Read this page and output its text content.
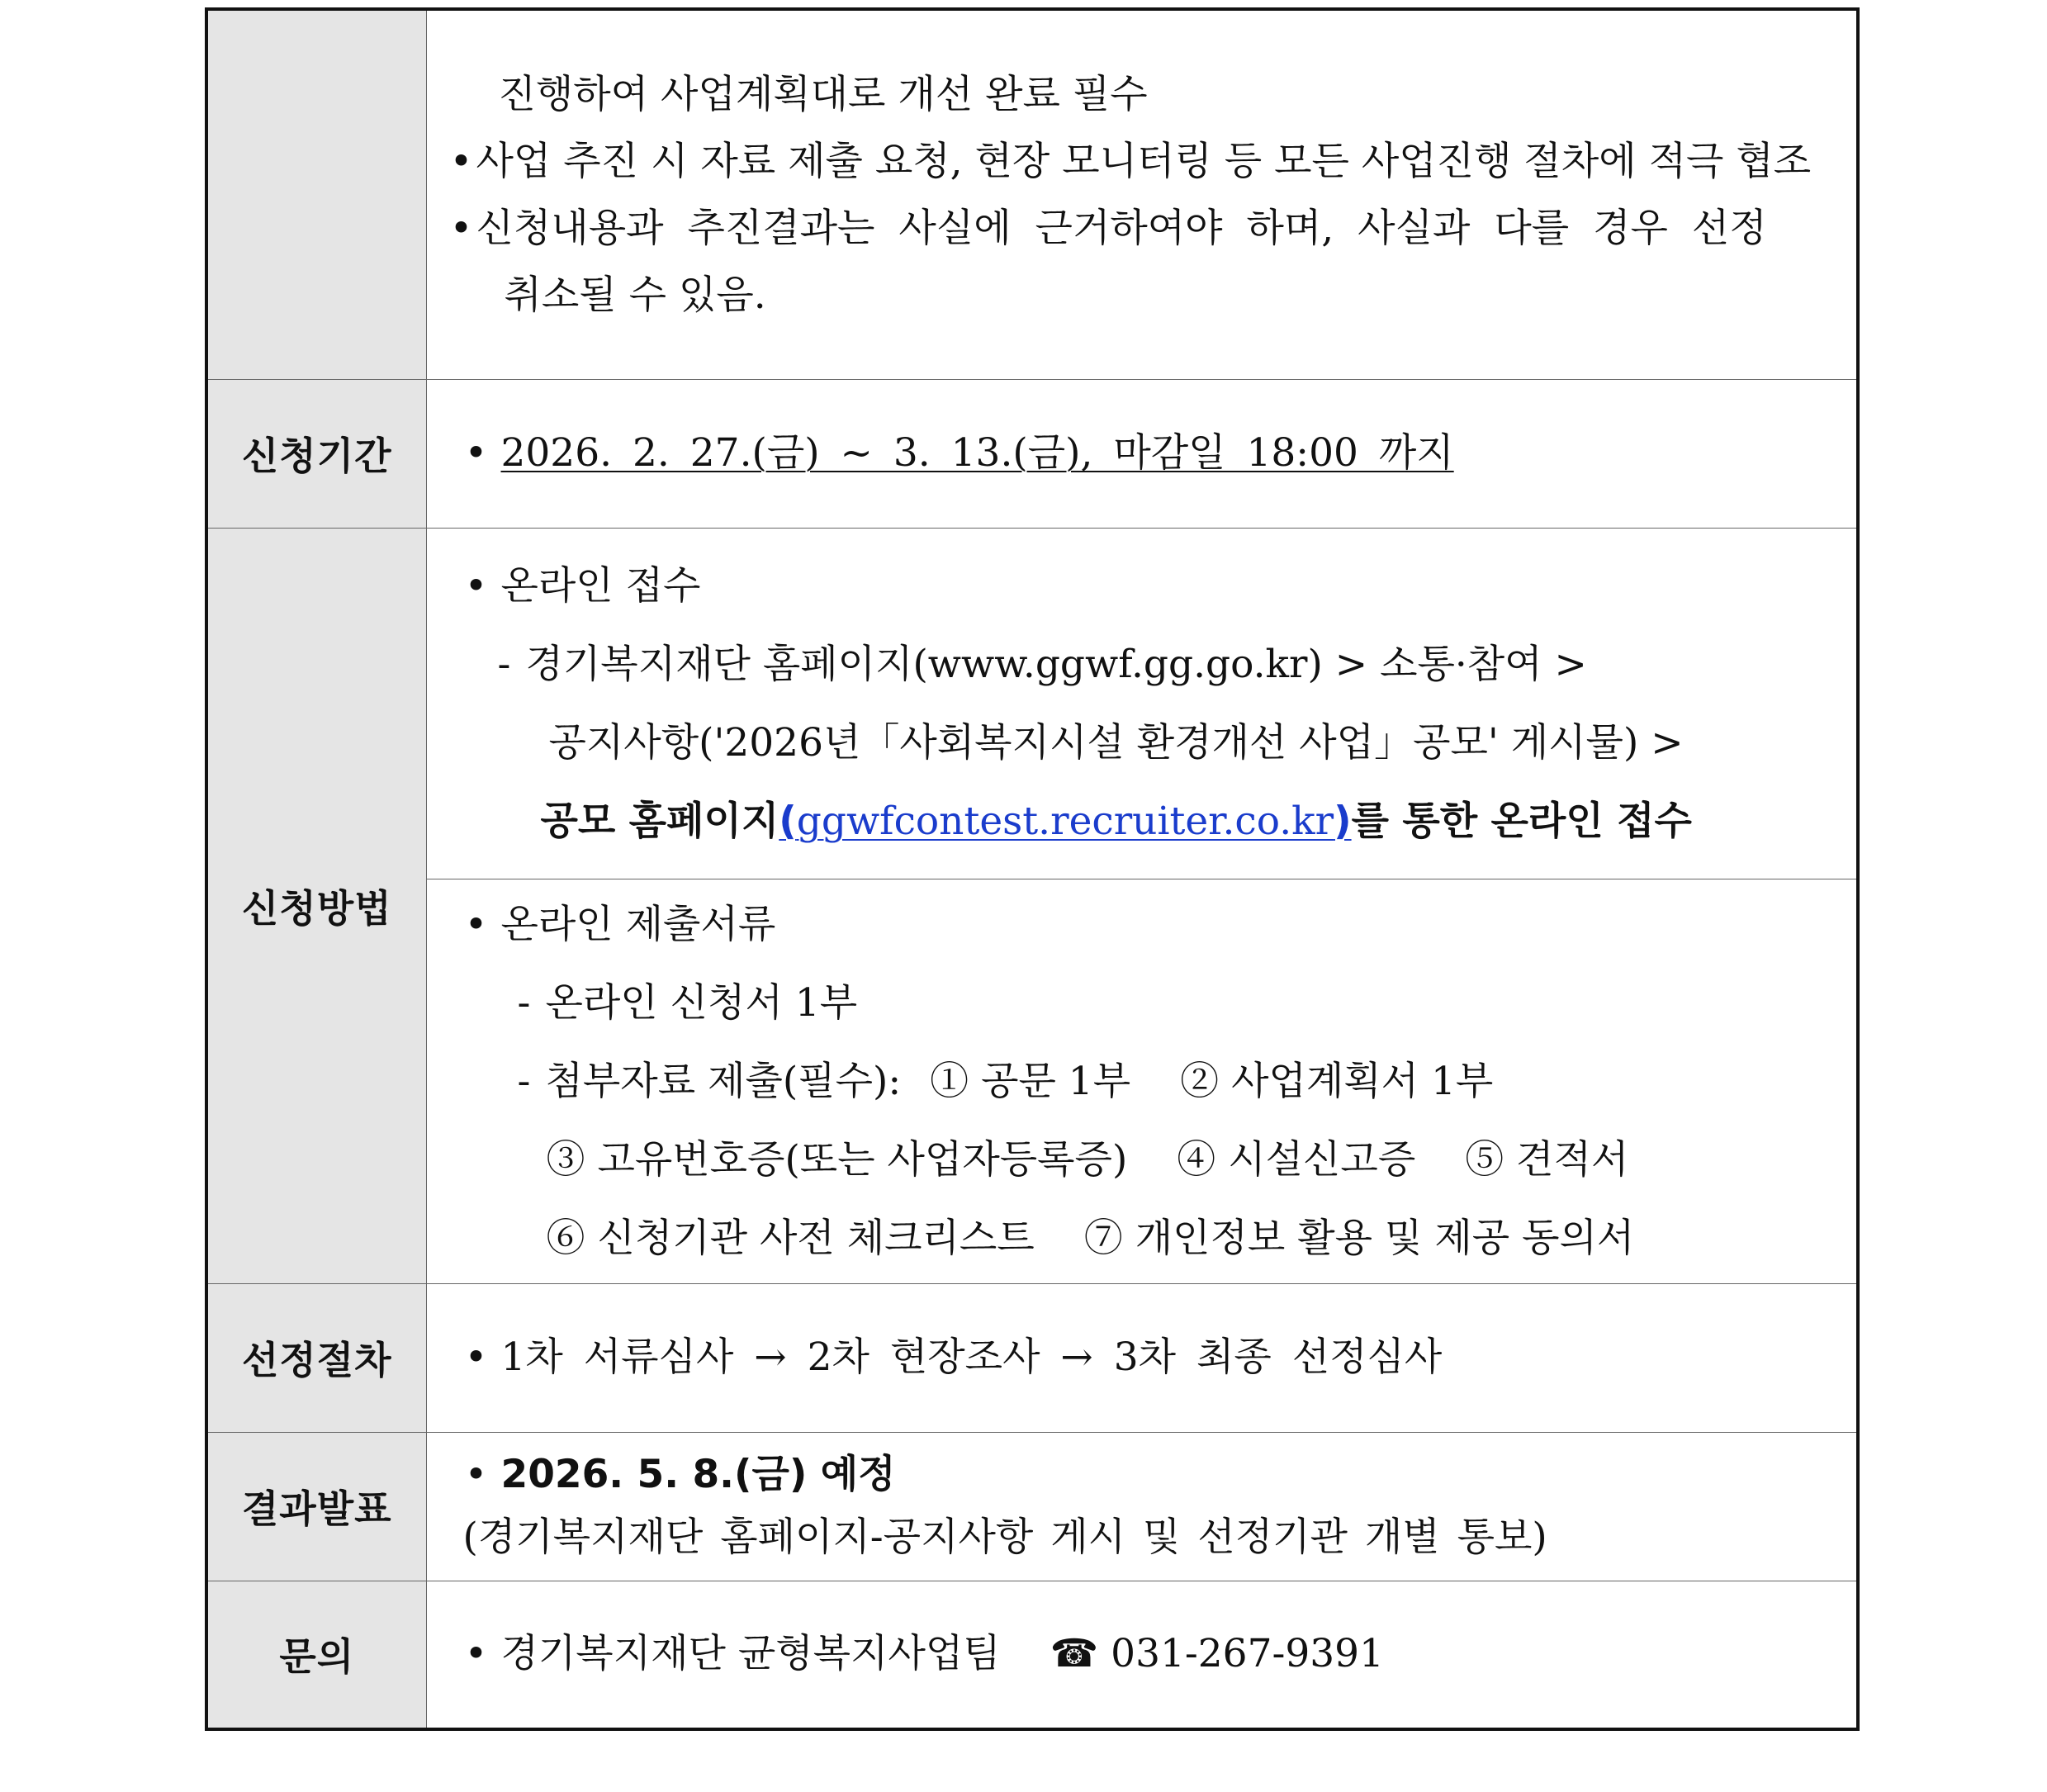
	진행하여 사업계획대로 개선 완료 필수
•사업 추진 시 자료 제출 요청, 현장 모니터링 등 모든 사업진행 절차에 적극 협조
•신청내용과 추진결과는 사실에 근거하여야 하며, 사실과 다를 경우 선정
취소될 수 있음.

신청기간	• 2026. 2. 27.(금) ~ 3. 13.(금), 마감일 18:00 까지

신청방법	• 온라인 접수
- 경기복지재단 홈페이지(www.ggwf.gg.go.kr) > 소통·참여 >
공지사항('2026년「사회복지시설 환경개선 사업」공모' 게시물) >
공모 홈페이지(ggwfcontest.recruiter.co.kr)를 통한 온라인 접수

	• 온라인 제출서류
- 온라인 신청서 1부
- 첨부자료 제출(필수): ① 공문 1부 ② 사업계획서 1부
③ 고유번호증(또는 사업자등록증) ④ 시설신고증 ⑤ 견적서
⑥ 신청기관 사전 체크리스트 ⑦ 개인정보 활용 및 제공 동의서

선정절차	• 1차 서류심사 → 2차 현장조사 → 3차 최종 선정심사

결과발표	• 2026. 5. 8.(금) 예정
(경기복지재단 홈페이지-공지사항 게시 및 선정기관 개별 통보)

문의	• 경기복지재단 균형복지사업팀 ☎ 031-267-9391
